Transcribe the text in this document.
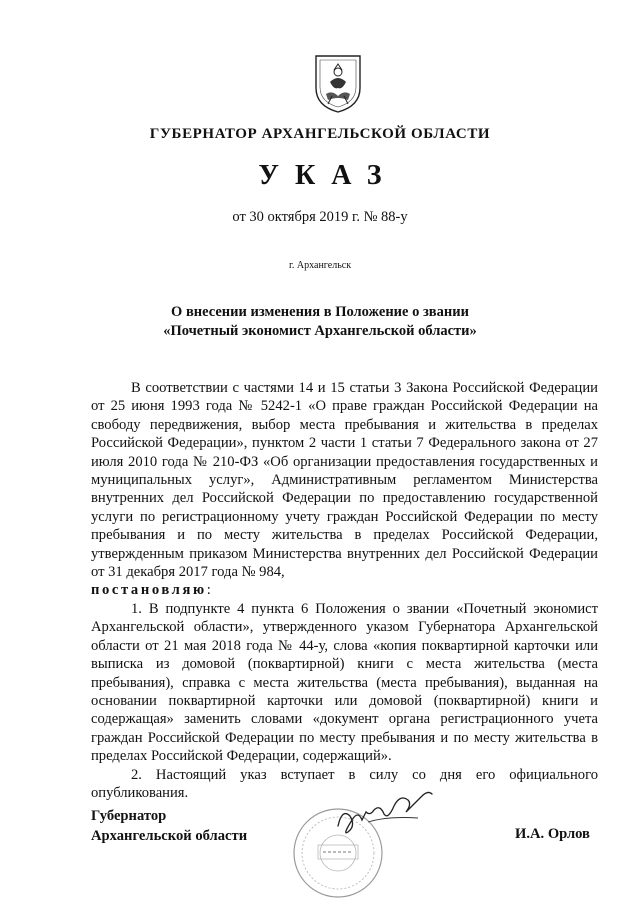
ГУБЕРНАТОР АРХАНГЕЛЬСКОЙ ОБЛАСТИ
УКАЗ
от 30 октября 2019 г. № 88-у
г. Архангельск
О внесении изменения в Положение о звании
«Почетный экономист Архангельской области»

В соответствии с частями 14 и 15 статьи 3 Закона Российской Федерации от 25 июня 1993 года № 5242-1 «О праве граждан Российской Федерации на свободу передвижения, выбор места пребывания и жительства в пределах Российской Федерации», пунктом 2 части 1 статьи 7 Федерального закона от 27 июля 2010 года № 210-ФЗ «Об организации предоставления государственных и муниципальных услуг», Административным регламентом Министерства внутренних дел Российской Федерации по предоставлению государственной услуги по регистрационному учету граждан Российской Федерации по месту пребывания и по месту жительства в пределах Российской Федерации, утвержденным приказом Министерства внутренних дел Российской Федерации от 31 декабря 2017 года № 984,
постановляю:

1. В подпункте 4 пункта 6 Положения о звании «Почетный экономист Архангельской области», утвержденного указом Губернатора Архангельской области от 21 мая 2018 года № 44-у, слова «копия поквартирной карточки или выписка из домовой (поквартирной) книги с места жительства (места пребывания), справка с места жительства (места пребывания), выданная на основании поквартирной карточки или домовой (поквартирной) книги и содержащая» заменить словами «документ органа регистрационного учета граждан Российской Федерации по месту пребывания и по месту жительства в пределах Российской Федерации, содержащий».

2. Настоящий указ вступает в силу со дня его официального опубликования.

Губернатор
Архангельской области	И.А. Орлов
